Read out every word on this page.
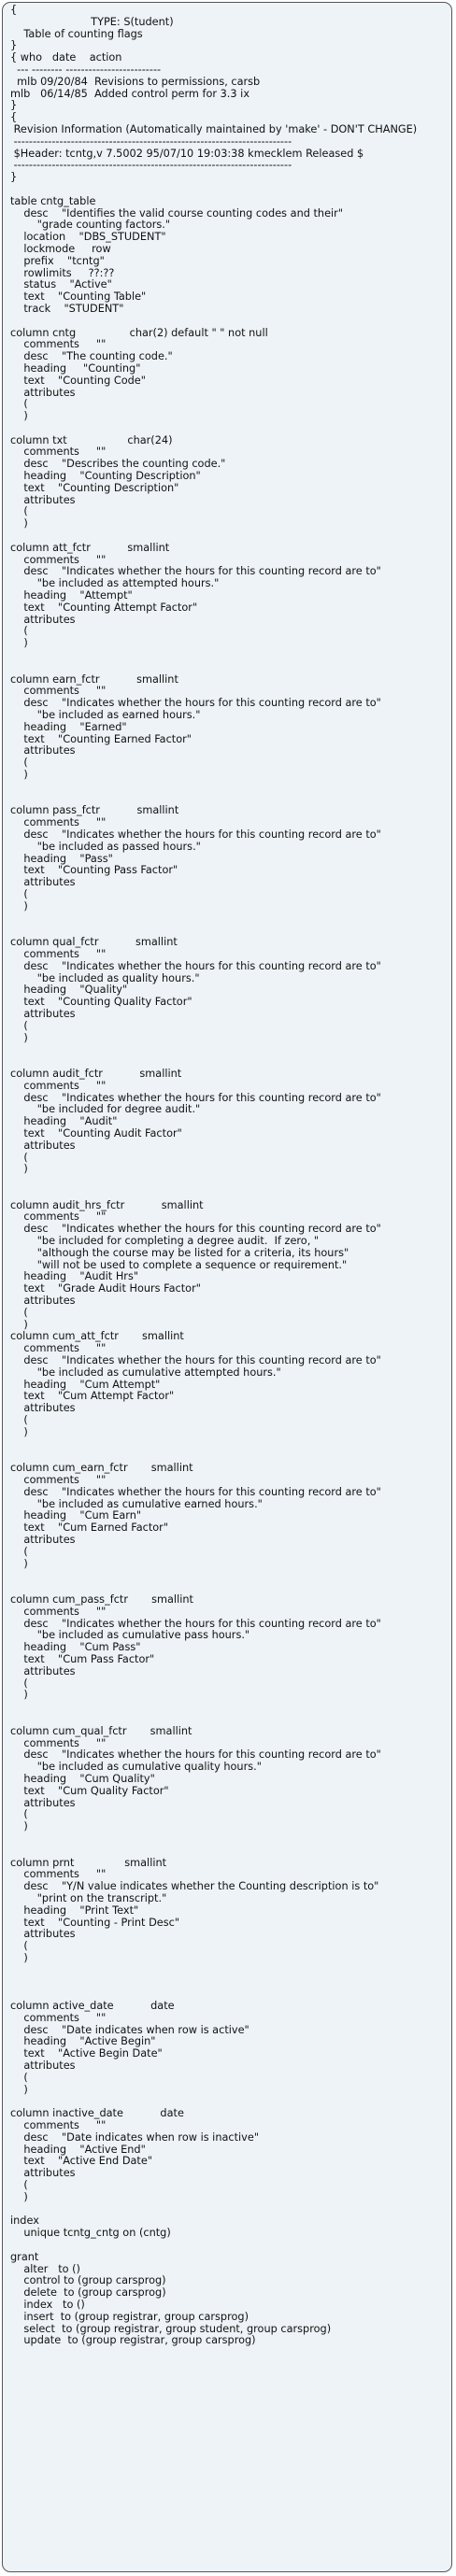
{
TYPE: S(tudent)
Table of counting flags
}
{ who   date    action
--- -------- -------------------------
mlb 09/20/84  Revisions to permissions, carsb
mlb   06/14/85  Added control perm for 3.3 ix
}
{
Revision Information (Automatically maintained by 'make' - DON'T CHANGE)
-------------------------------------------------------------------------
$Header: tcntg,v 7.5002 95/07/10 19:03:38 kmecklem Released $
-------------------------------------------------------------------------
}
table cntg_table
desc    "Identifies the valid course counting codes and their"
"grade counting factors."
location    "DBS_STUDENT"
lockmode     row
prefix    "tcntg"
rowlimits     ??:??
status    "Active"
text    "Counting Table"
track    "STUDENT"
column cntg                char(2) default " " not null
comments     ""
desc    "The counting code."
heading     "Counting"
text    "Counting Code"
attributes
(
)
column txt                  char(24)
comments     ""
desc    "Describes the counting code."
heading    "Counting Description"
text    "Counting Description"
attributes
(
)
column att_fctr           smallint
comments     ""
desc    "Indicates whether the hours for this counting record are to"
"be included as attempted hours."
heading    "Attempt"
text    "Counting Attempt Factor"
attributes
(
)
column earn_fctr           smallint
comments     ""
desc    "Indicates whether the hours for this counting record are to"
"be included as earned hours."
heading    "Earned"
text    "Counting Earned Factor"
attributes
(
)
column pass_fctr           smallint
comments     ""
desc    "Indicates whether the hours for this counting record are to"
"be included as passed hours."
heading    "Pass"
text    "Counting Pass Factor"
attributes
(
)
column qual_fctr           smallint
comments     ""
desc    "Indicates whether the hours for this counting record are to"
"be included as quality hours."
heading    "Quality"
text    "Counting Quality Factor"
attributes
(
)
column audit_fctr           smallint
comments     ""
desc    "Indicates whether the hours for this counting record are to"
"be included for degree audit."
heading    "Audit"
text    "Counting Audit Factor"
attributes
(
)
column audit_hrs_fctr           smallint
comments     ""
desc    "Indicates whether the hours for this counting record are to"
"be included for completing a degree audit.  If zero, "
"although the course may be listed for a criteria, its hours"
"will not be used to complete a sequence or requirement."
heading    "Audit Hrs"
text    "Grade Audit Hours Factor"
attributes
(
)
column cum_att_fctr       smallint
comments     ""
desc    "Indicates whether the hours for this counting record are to"
"be included as cumulative attempted hours."
heading    "Cum Attempt"
text    "Cum Attempt Factor"
attributes
(
)
column cum_earn_fctr       smallint
comments     ""
desc    "Indicates whether the hours for this counting record are to"
"be included as cumulative earned hours."
heading    "Cum Earn"
text    "Cum Earned Factor"
attributes
(
)
column cum_pass_fctr       smallint
comments     ""
desc    "Indicates whether the hours for this counting record are to"
"be included as cumulative pass hours."
heading    "Cum Pass"
text    "Cum Pass Factor"
attributes
(
)
column cum_qual_fctr       smallint
comments     ""
desc    "Indicates whether the hours for this counting record are to"
"be included as cumulative quality hours."
heading    "Cum Quality"
text    "Cum Quality Factor"
attributes
(
)
column prnt               smallint
comments     ""
desc    "Y/N value indicates whether the Counting description is to"
"print on the transcript."
heading    "Print Text"
text    "Counting - Print Desc"
attributes
(
)
column active_date           date
comments     ""
desc    "Date indicates when row is active"
heading    "Active Begin"
text    "Active Begin Date"
attributes
(
)
column inactive_date           date
comments     ""
desc    "Date indicates when row is inactive"
heading    "Active End"
text    "Active End Date"
attributes
(
)
index
unique tcntg_cntg on (cntg)
grant
alter   to ()
control to (group carsprog)
delete  to (group carsprog)
index   to ()
insert  to (group registrar, group carsprog)
select  to (group registrar, group student, group carsprog)
update  to (group registrar, group carsprog)
